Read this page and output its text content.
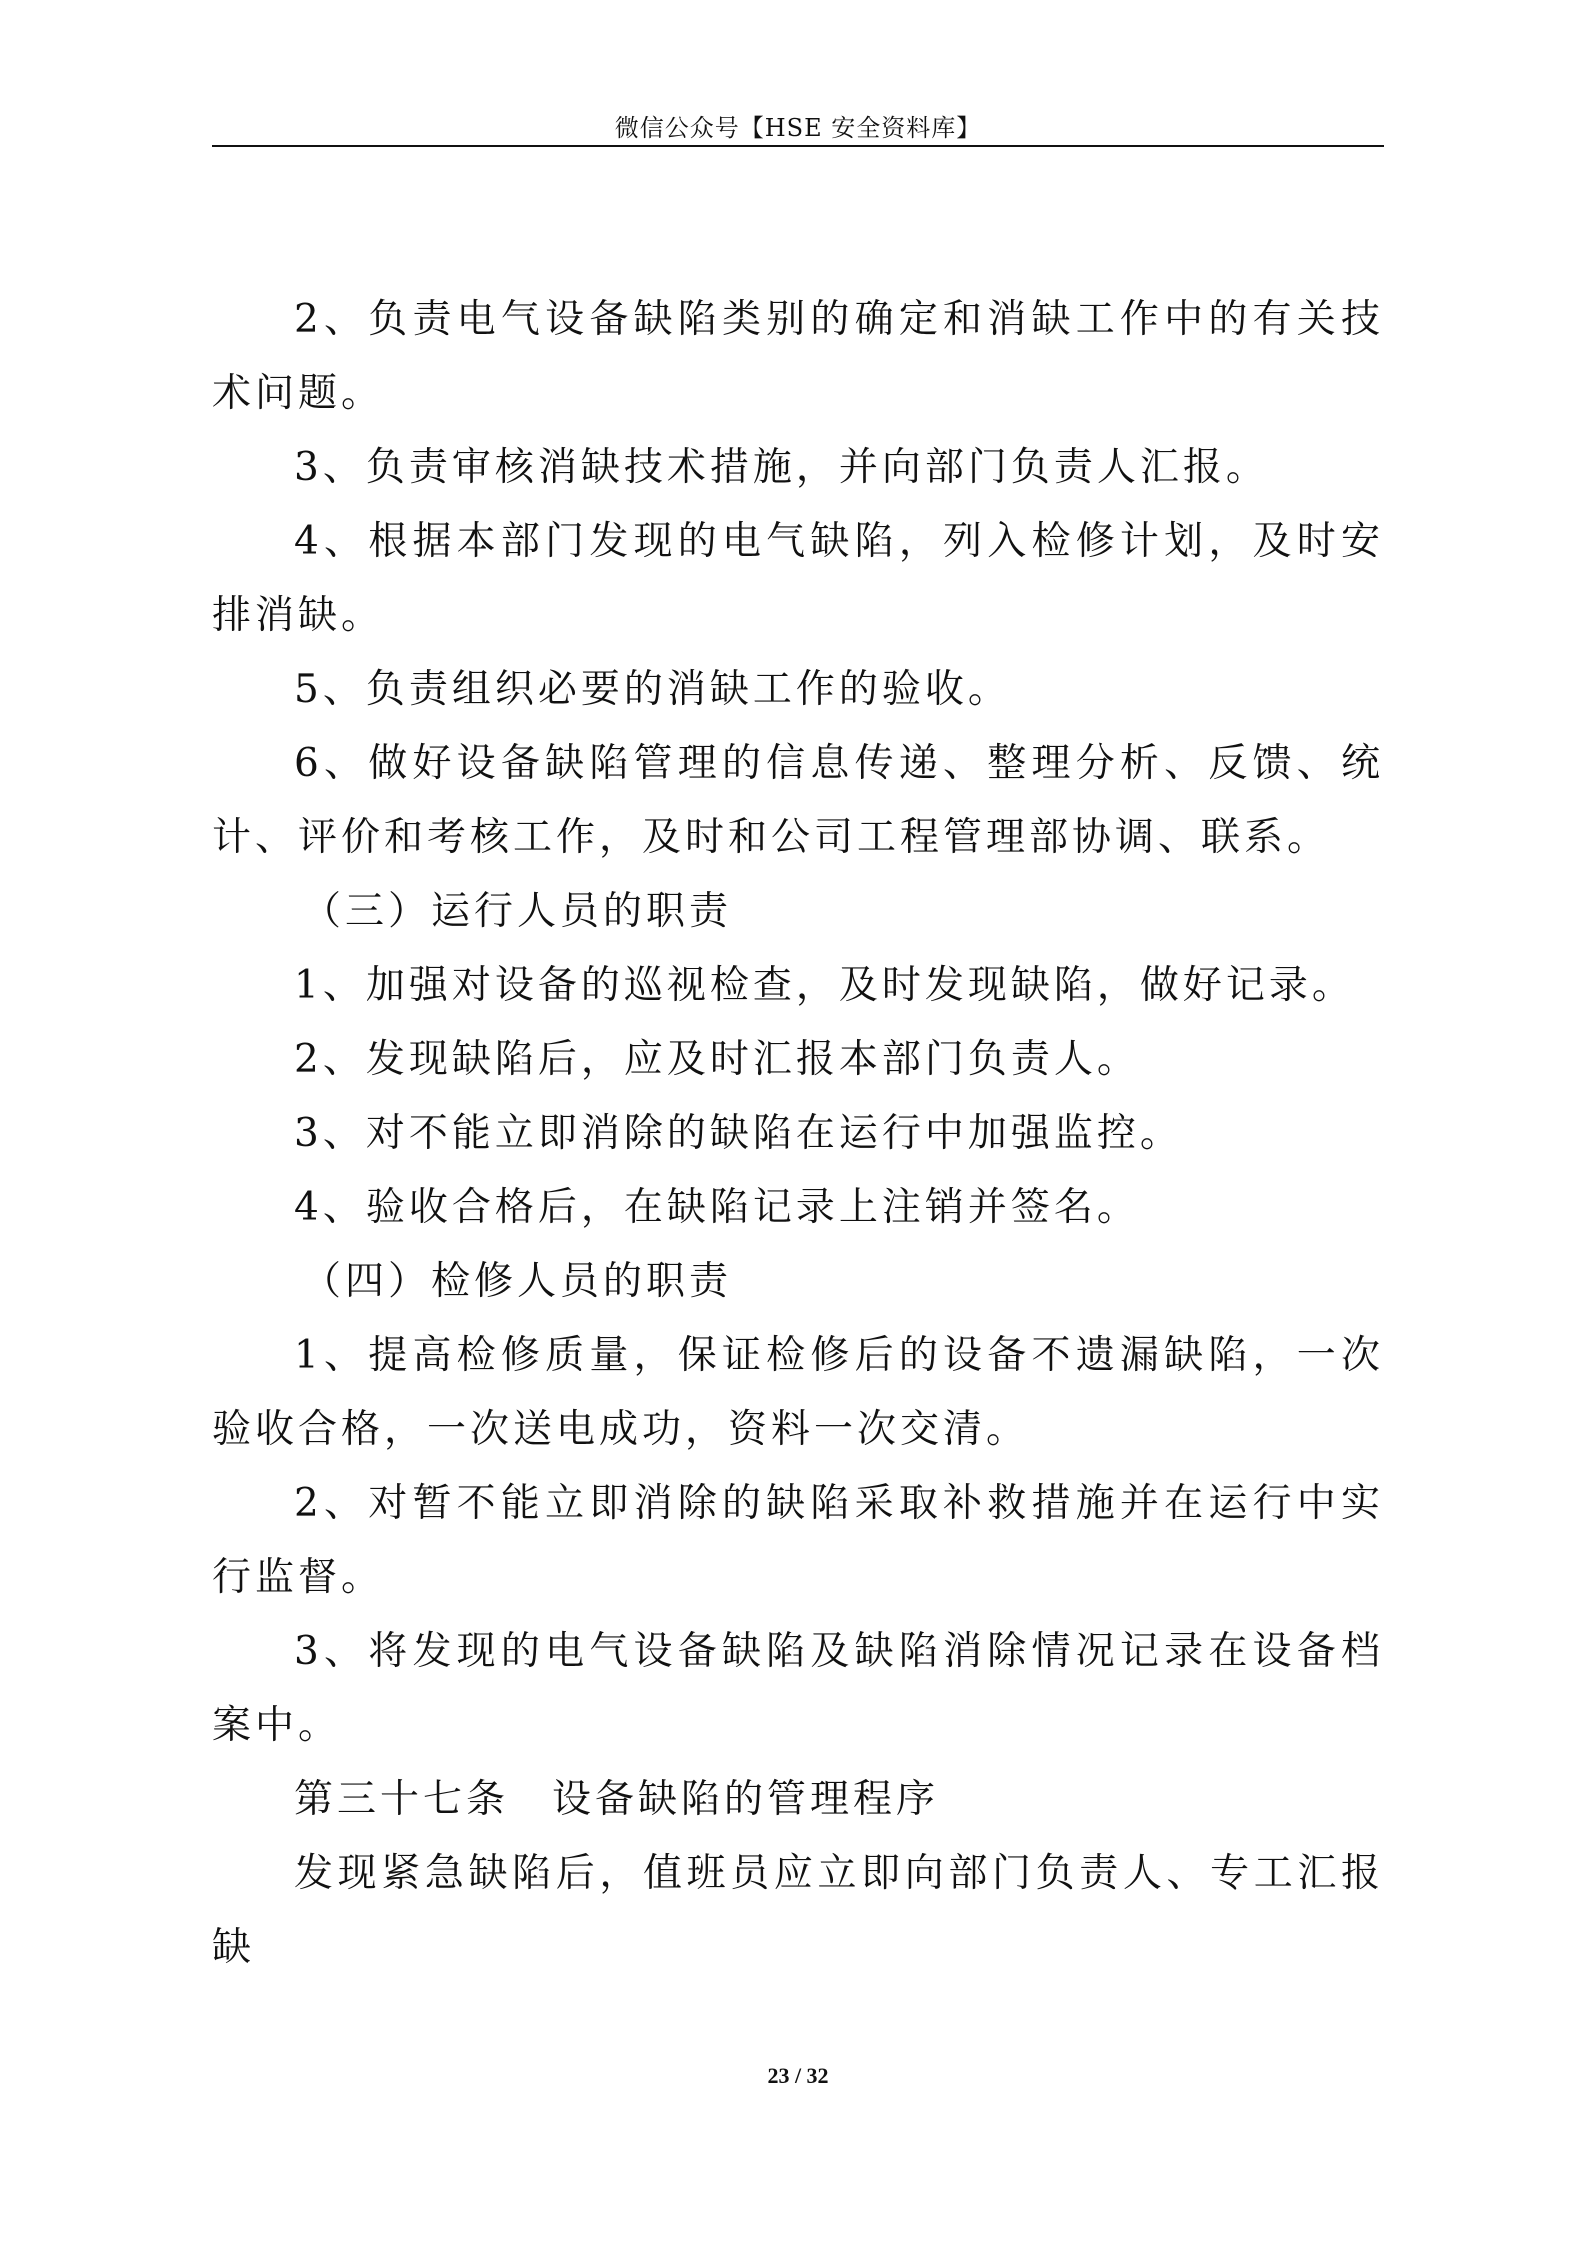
微信公众号【HSE 安全资料库】

2、负责电气设备缺陷类别的确定和消缺工作中的有关技术问题。

3、负责审核消缺技术措施，并向部门负责人汇报。

4、根据本部门发现的电气缺陷，列入检修计划，及时安排消缺。

5、负责组织必要的消缺工作的验收。

6、做好设备缺陷管理的信息传递、整理分析、反馈、统计、评价和考核工作，及时和公司工程管理部协调、联系。

（三）运行人员的职责

1、加强对设备的巡视检查，及时发现缺陷，做好记录。

2、发现缺陷后，应及时汇报本部门负责人。

3、对不能立即消除的缺陷在运行中加强监控。

4、验收合格后，在缺陷记录上注销并签名。

（四）检修人员的职责

1、提高检修质量，保证检修后的设备不遗漏缺陷，一次验收合格，一次送电成功，资料一次交清。

2、对暂不能立即消除的缺陷采取补救措施并在运行中实行监督。

3、将发现的电气设备缺陷及缺陷消除情况记录在设备档案中。

第三十七条　设备缺陷的管理程序

发现紧急缺陷后，值班员应立即向部门负责人、专工汇报缺

23 / 32
